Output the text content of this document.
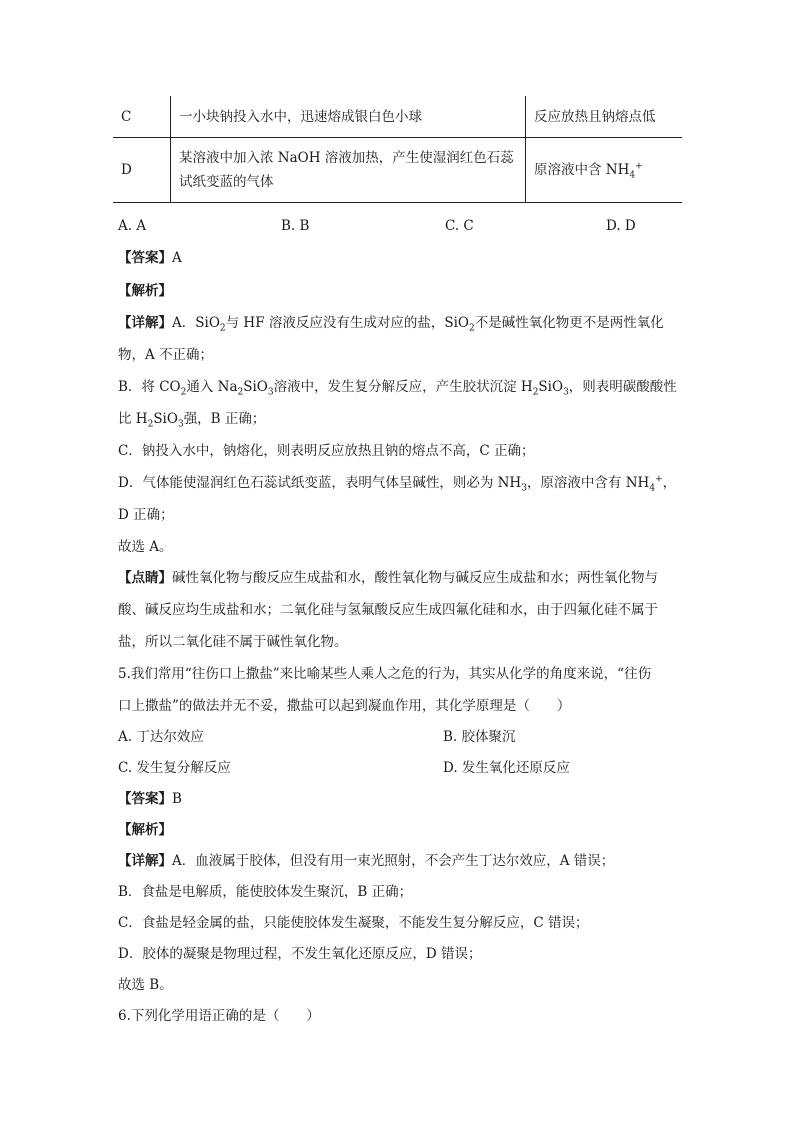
C	一小块钠投入水中，迅速熔成银白色小球	反应放热且钠熔点低
D	某溶液中加入浓 NaOH 溶液加热，产生使湿润红色石蕊
试纸变蓝的气体	原溶液中含 $NH_4^+$
A. A	B. B	C. C	D. D
【答案】A
【解析】
【详解】A．SiO$_2$与 HF 溶液反应没有生成对应的盐，SiO$_2$不是碱性氧化物更不是两性氧化
物，A 不正确；
B．将 $CO_2$通入 $Na_2SiO_3$溶液中，发生复分解反应，产生胶状沉淀 $H_2SiO_3$，则表明碳酸酸性
比 $H_2SiO_3$强，B 正确；
C．钠投入水中，钠熔化，则表明反应放热且钠的熔点不高，C 正确；
D．气体能使湿润红色石蕊试纸变蓝，表明气体呈碱性，则必为 $NH_3$，原溶液中含有 $NH_4^+$，
D 正确；
故选 A。
【点睛】碱性氧化物与酸反应生成盐和水，酸性氧化物与碱反应生成盐和水；两性氧化物与
酸、碱反应均生成盐和水；二氧化硅与氢氟酸反应生成四氟化硅和水，由于四氟化硅不属于
盐，所以二氧化硅不属于碱性氧化物。
5.我们常用“往伤口上撒盐”来比喻某些人乘人之危的行为，其实从化学的角度来说，“往伤
口上撒盐”的做法并无不妥，撒盐可以起到凝血作用，其化学原理是（　　）
A. 丁达尔效应	B. 胶体聚沉
C. 发生复分解反应	D. 发生氧化还原反应
【答案】B
【解析】
【详解】A．血液属于胶体，但没有用一束光照射，不会产生丁达尔效应，A 错误；
B．食盐是电解质，能使胶体发生聚沉，B 正确；
C．食盐是轻金属的盐，只能使胶体发生凝聚，不能发生复分解反应，C 错误；
D．胶体的凝聚是物理过程，不发生氧化还原反应，D 错误；
故选 B。
6.下列化学用语正确的是（　　）
